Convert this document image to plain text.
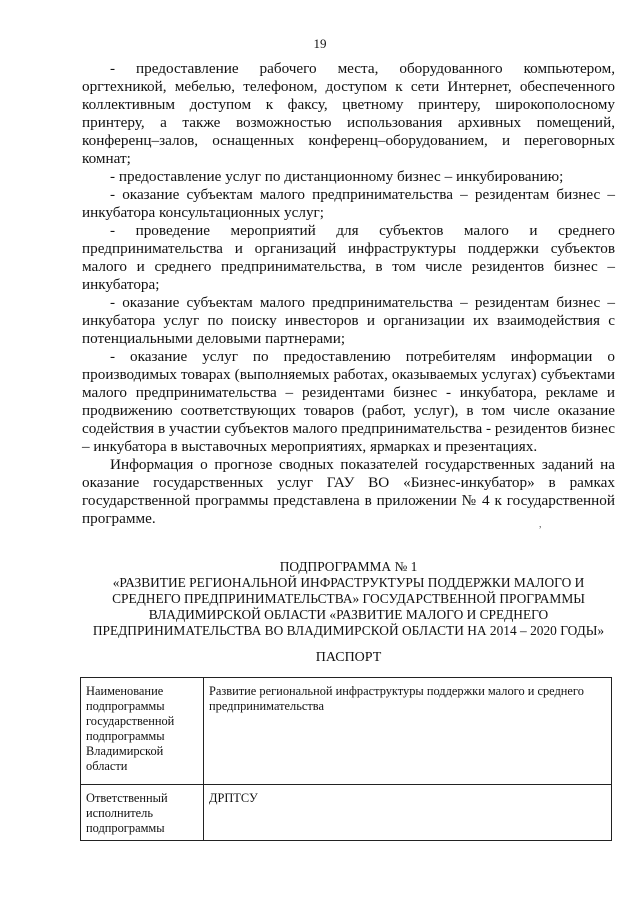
19

- предоставление рабочего места, оборудованного компьютером, оргтехникой, мебелью, телефоном, доступом к сети Интернет, обеспеченного коллективным доступом к факсу, цветному принтеру, широкополосному принтеру, а также возможностью использования архивных помещений, конференц–залов, оснащенных конференц–оборудованием, и переговорных комнат;

- предоставление услуг по дистанционному бизнес – инкубированию;

- оказание субъектам малого предпринимательства – резидентам бизнес – инкубатора консультационных услуг;

- проведение мероприятий для субъектов малого и среднего предпринимательства и организаций инфраструктуры поддержки субъектов малого и среднего предпринимательства, в том числе резидентов бизнес – инкубатора;

- оказание субъектам малого предпринимательства – резидентам бизнес – инкубатора услуг по поиску инвесторов и организации их взаимодействия с потенциальными деловыми партнерами;

- оказание услуг по предоставлению потребителям информации о производимых товарах (выполняемых работах, оказываемых услугах) субъектами малого предпринимательства – резидентами бизнес - инкубатора, рекламе и продвижению соответствующих товаров (работ, услуг), в том числе оказание содействия в участии субъектов малого предпринимательства - резидентов бизнес – инкубатора в выставочных мероприятиях, ярмарках и презентациях.

Информация о прогнозе сводных показателей государственных заданий на оказание государственных услуг ГАУ ВО «Бизнес-инкубатор» в рамках государственной программы представлена в приложении № 4 к государственной программе.	,
ПОДПРОГРАММА № 1
«РАЗВИТИЕ РЕГИОНАЛЬНОЙ ИНФРАСТРУКТУРЫ ПОДДЕРЖКИ МАЛОГО И СРЕДНЕГО ПРЕДПРИНИМАТЕЛЬСТВА» ГОСУДАРСТВЕННОЙ ПРОГРАММЫ ВЛАДИМИРСКОЙ ОБЛАСТИ «РАЗВИТИЕ МАЛОГО И СРЕДНЕГО ПРЕДПРИНИМАТЕЛЬСТВА ВО ВЛАДИМИРСКОЙ ОБЛАСТИ НА 2014 – 2020 ГОДЫ»
ПАСПОРТ
Наименование подпрограммы государственной подпрограммы Владимирской области	Развитие региональной инфраструктуры поддержки малого и среднего предпринимательства
Ответственный исполнитель подпрограммы	ДРПТСУ
